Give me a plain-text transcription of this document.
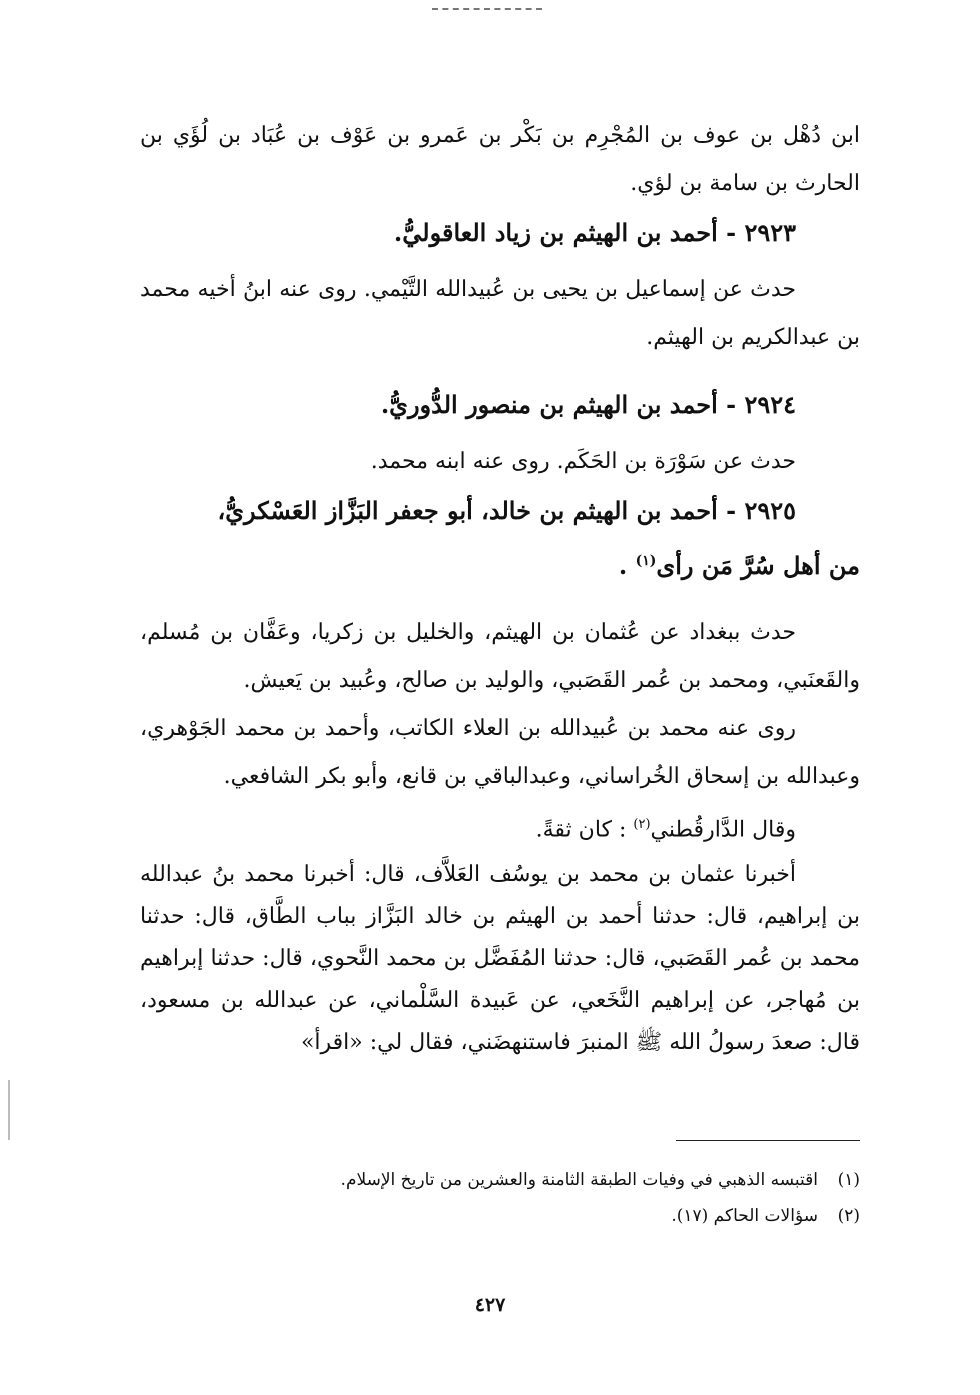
ابن دُهْل بن عوف بن المُجْرِم بن بَكْر بن عَمرو بن عَوْف بن عُبَاد بن لُؤَي بن الحارث بن سامة بن لؤي.

٢٩٢٣ - أحمد بن الهيثم بن زياد العاقوليُّ.

حدث عن إسماعيل بن يحيى بن عُبيدالله التَّيْمي. روى عنه ابنُ أخيه محمد بن عبدالكريم بن الهيثم.

٢٩٢٤ - أحمد بن الهيثم بن منصور الدُّوريُّ.

حدث عن سَوْرَة بن الحَكَم. روى عنه ابنه محمد.

٢٩٢٥ - أحمد بن الهيثم بن خالد، أبو جعفر البَزَّاز العَسْكريُّ،
من أهل سُرَّ مَن رأى$^{(١)}$ .

حدث ببغداد عن عُثمان بن الهيثم، والخليل بن زكريا، وعَفَّان بن مُسلم، والقَعنَبي، ومحمد بن عُمر القَصَبي، والوليد بن صالح، وعُبيد بن يَعيش.

روى عنه محمد بن عُبيدالله بن العلاء الكاتب، وأحمد بن محمد الجَوْهري، وعبدالله بن إسحاق الخُراساني، وعبدالباقي بن قانع، وأبو بكر الشافعي.

وقال الدَّارقُطني$^{(٢)}$ : كان ثقةً.

أخبرنا عثمان بن محمد بن يوسُف العَلاَّف، قال: أخبرنا محمد بنُ عبدالله بن إبراهيم، قال: حدثنا أحمد بن الهيثم بن خالد البَزَّاز بباب الطَّاق، قال: حدثنا محمد بن عُمر القَصَبي، قال: حدثنا المُفَضَّل بن محمد النَّحوي، قال: حدثنا إبراهيم بن مُهاجر، عن إبراهيم النَّخَعي، عن عَبيدة السَّلْماني، عن عبدالله بن مسعود، قال: صعدَ رسولُ الله ﷺ المنبرَ فاستنهضَني، فقال لي: «اقرأ»

(١)اقتبسه الذهبي في وفيات الطبقة الثامنة والعشرين من تاريخ الإسلام.

(٢)سؤالات الحاكم (١٧).

٤٢٧
